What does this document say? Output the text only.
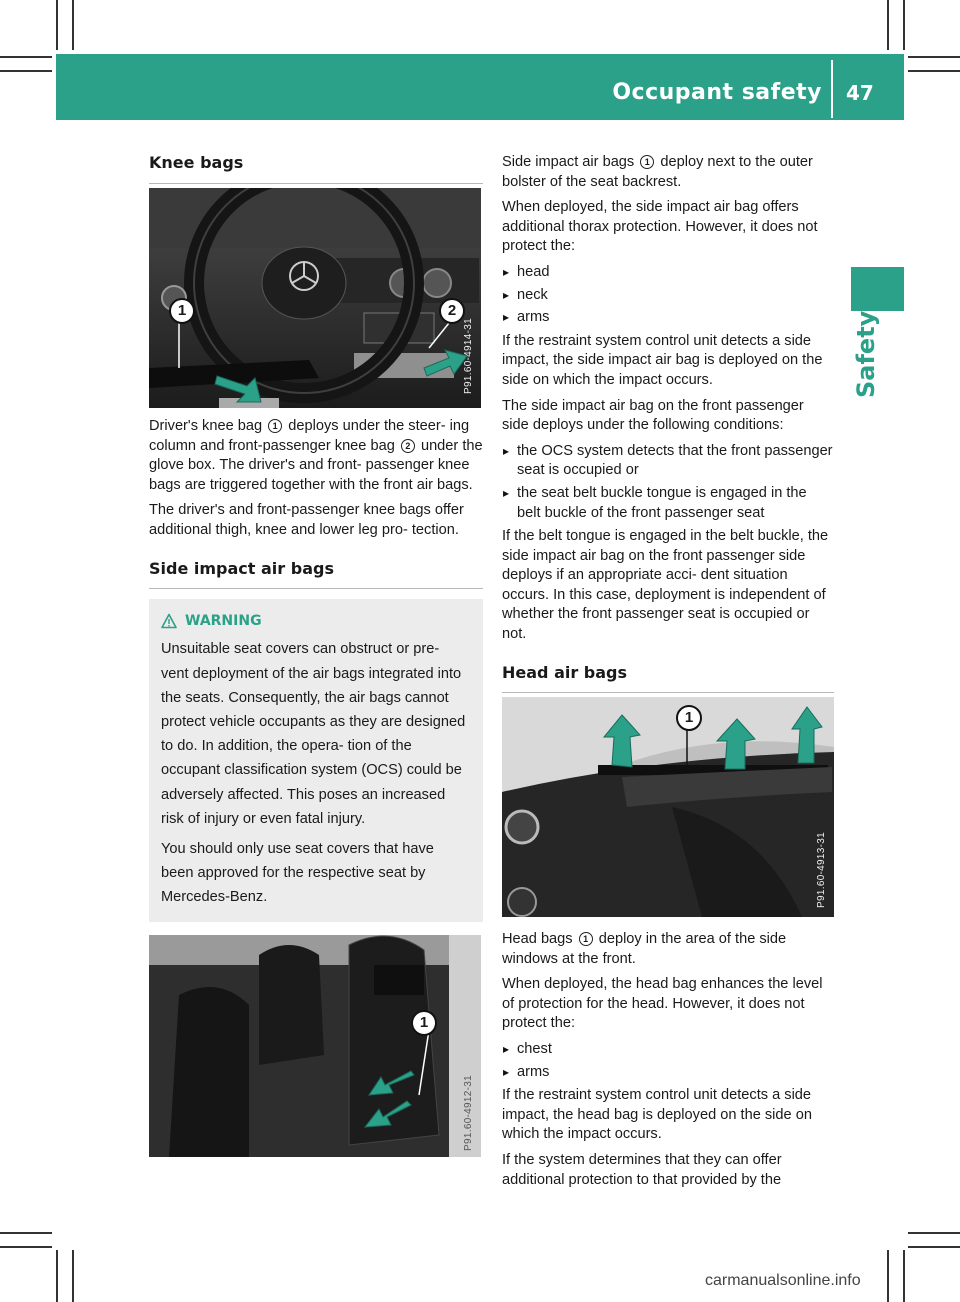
Occupant safety 47
Safety
Knee bags
1	2
P91.60-4914-31

Driver's knee bag 1 deploys under the steer- ing column and front-passenger knee bag 2 under the glove box. The driver's and front- passenger knee bags are triggered together with the front air bags.

The driver's and front-passenger knee bags offer additional thigh, knee and lower leg pro- tection.

Side impact air bags
WARNING

Unsuitable seat covers can obstruct or pre- vent deployment of the air bags integrated into the seats. Consequently, the air bags cannot protect vehicle occupants as they are designed to do. In addition, the opera- tion of the occupant classification system (OCS) could be adversely affected. This poses an increased risk of injury or even fatal injury.

You should only use seat covers that have been approved for the respective seat by Mercedes-Benz.

1
P91.60-4912-31

Side impact air bags 1 deploy next to the outer bolster of the seat backrest.

When deployed, the side impact air bag offers additional thorax protection. However, it does not protect the:

▸ head
▸ neck
▸ arms

If the restraint system control unit detects a side impact, the side impact air bag is deployed on the side on which the impact occurs.

The side impact air bag on the front passenger side deploys under the following conditions:

▸ the OCS system detects that the front passenger seat is occupied or
▸ the seat belt buckle tongue is engaged in the belt buckle of the front passenger seat

If the belt tongue is engaged in the belt buckle, the side impact air bag on the front passenger side deploys if an appropriate acci- dent situation occurs. In this case, deployment is independent of whether the front passenger seat is occupied or not.

Head air bags
1
P91.60-4913-31

Head bags 1 deploy in the area of the side windows at the front.

When deployed, the head bag enhances the level of protection for the head. However, it does not protect the:

▸ chest
▸ arms

If the restraint system control unit detects a side impact, the head bag is deployed on the side on which the impact occurs.

If the system determines that they can offer additional protection to that provided by the

carmanualsonline.info
